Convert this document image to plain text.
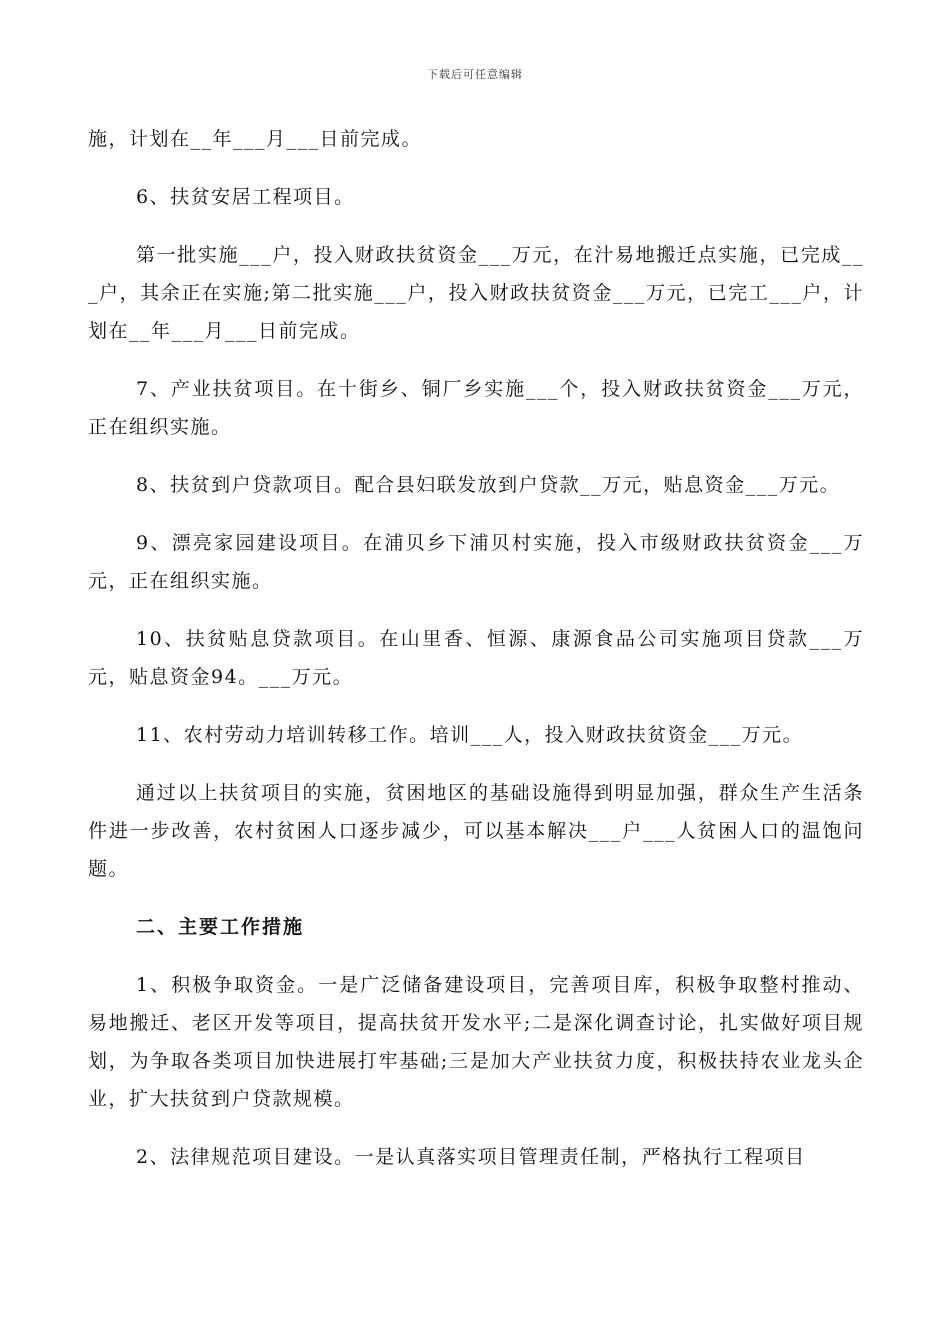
下载后可任意编辑

施，计划在__年___月___日前完成。

6、扶贫安居工程项目。

第一批实施___户，投入财政扶贫资金___万元，在汁易地搬迁点实施，已完成___户，其余正在实施;第二批实施___户，投入财政扶贫资金___万元，已完工___户，计划在__年___月___日前完成。

7、产业扶贫项目。在十街乡、铜厂乡实施___个，投入财政扶贫资金___万元，正在组织实施。

8、扶贫到户贷款项目。配合县妇联发放到户贷款__万元，贴息资金___万元。

9、漂亮家园建设项目。在浦贝乡下浦贝村实施，投入市级财政扶贫资金___万元，正在组织实施。

10、扶贫贴息贷款项目。在山里香、恒源、康源食品公司实施项目贷款___万元，贴息资金94。___万元。

11、农村劳动力培训转移工作。培训___人，投入财政扶贫资金___万元。

通过以上扶贫项目的实施，贫困地区的基础设施得到明显加强，群众生产生活条件进一步改善，农村贫困人口逐步减少，可以基本解决___户___人贫困人口的温饱问题。

二、主要工作措施

1、积极争取资金。一是广泛储备建设项目，完善项目库，积极争取整村推动、易地搬迁、老区开发等项目，提高扶贫开发水平;二是深化调查讨论，扎实做好项目规划，为争取各类项目加快进展打牢基础;三是加大产业扶贫力度，积极扶持农业龙头企业，扩大扶贫到户贷款规模。

2、法律规范项目建设。一是认真落实项目管理责任制，严格执行工程项目
